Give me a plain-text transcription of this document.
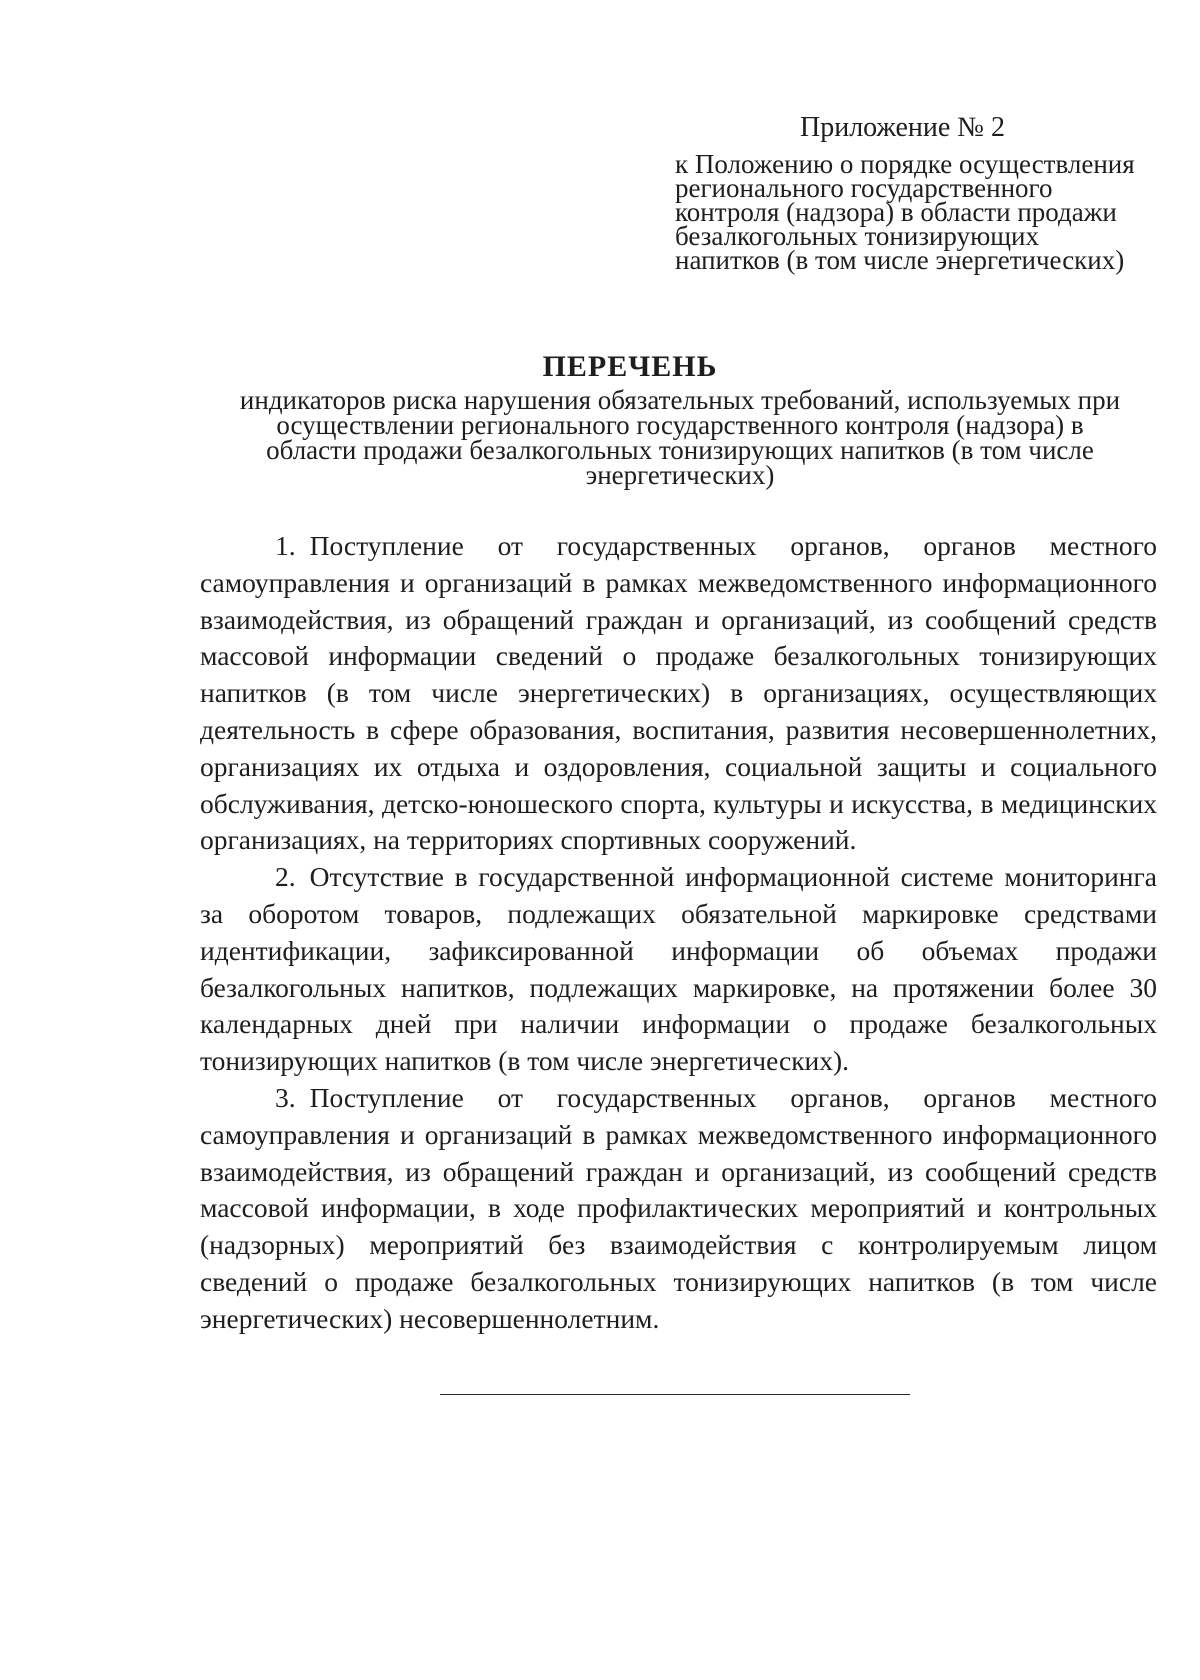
Приложение № 2
к Положению о порядке осуществления
регионального государственного
контроля (надзора) в области продажи
безалкогольных тонизирующих
напитков (в том числе энергетических)
ПЕРЕЧЕНЬ
индикаторов риска нарушения обязательных требований, используемых при
осуществлении регионального государственного контроля (надзора) в
области продажи безалкогольных тонизирующих напитков (в том числе
энергетических)

1. Поступление от государственных органов, органов местного самоуправления и организаций в рамках межведомственного информационного взаимодействия, из обращений граждан и организаций, из сообщений средств массовой информации сведений о продаже безалкогольных тонизирующих напитков (в том числе энергетических) в организациях, осуществляющих деятельность в сфере образования, воспитания, развития несовершеннолетних, организациях их отдыха и оздоровления, социальной защиты и социального обслуживания, детско-юношеского спорта, культуры и искусства, в медицинских организациях, на территориях спортивных сооружений.

2. Отсутствие в государственной информационной системе мониторинга за оборотом товаров, подлежащих обязательной маркировке средствами идентификации, зафиксированной информации об объемах продажи безалкогольных напитков, подлежащих маркировке, на протяжении более 30 календарных дней при наличии информации о продаже безалкогольных тонизирующих напитков (в том числе энергетических).

3. Поступление от государственных органов, органов местного самоуправления и организаций в рамках межведомственного информационного взаимодействия, из обращений граждан и организаций, из сообщений средств массовой информации, в ходе профилактических мероприятий и контрольных (надзорных) мероприятий без взаимодействия с контролируемым лицом сведений о продаже безалкогольных тонизирующих напитков (в том числе энергетических) несовершеннолетним.
